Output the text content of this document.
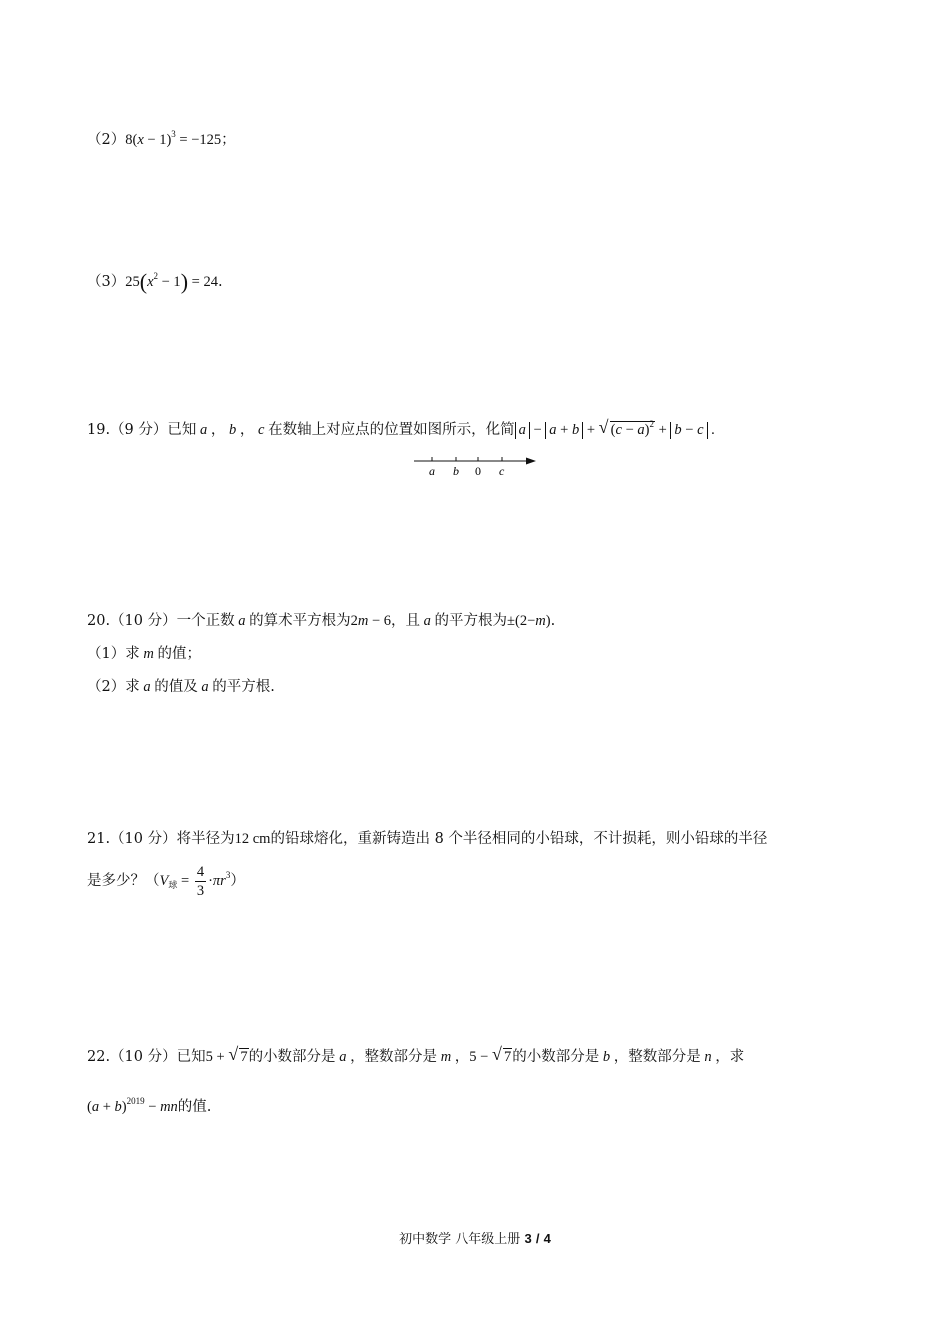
$(2)8(x - 1)^3 = -125$；
$(3)25(x^2 - 1) = 24$.
19.（9 分）已知 a ， b ， c 在数轴上对应点的位置如图所示，化简 a − a + b + √ $(c - a)^2 + b - c$ .
a b 0 c
20.（10 分）一个正数 a 的算术平方根为2m − 6，且 a 的平方根为±(2−m).
（1）求 m 的值；
（2）求 a 的值及 a 的平方根.
21.（10 分）将半径为12 cm的铅球熔化，重新铸造出 8 个半径相同的小铅球，不计损耗，则小铅球的半径
是多少？$(V_球 = \frac{4}{3} \cdot\pi r^3)$
22.（10 分）已知5 + √ 7的小数部分是 a ，整数部分是 m ，5 − √ 7的小数部分是 b ，整数部分是 n ，求
$(a + b)^{2019}$ − mn的值.
初中数学 八年级上册 3 / 4
